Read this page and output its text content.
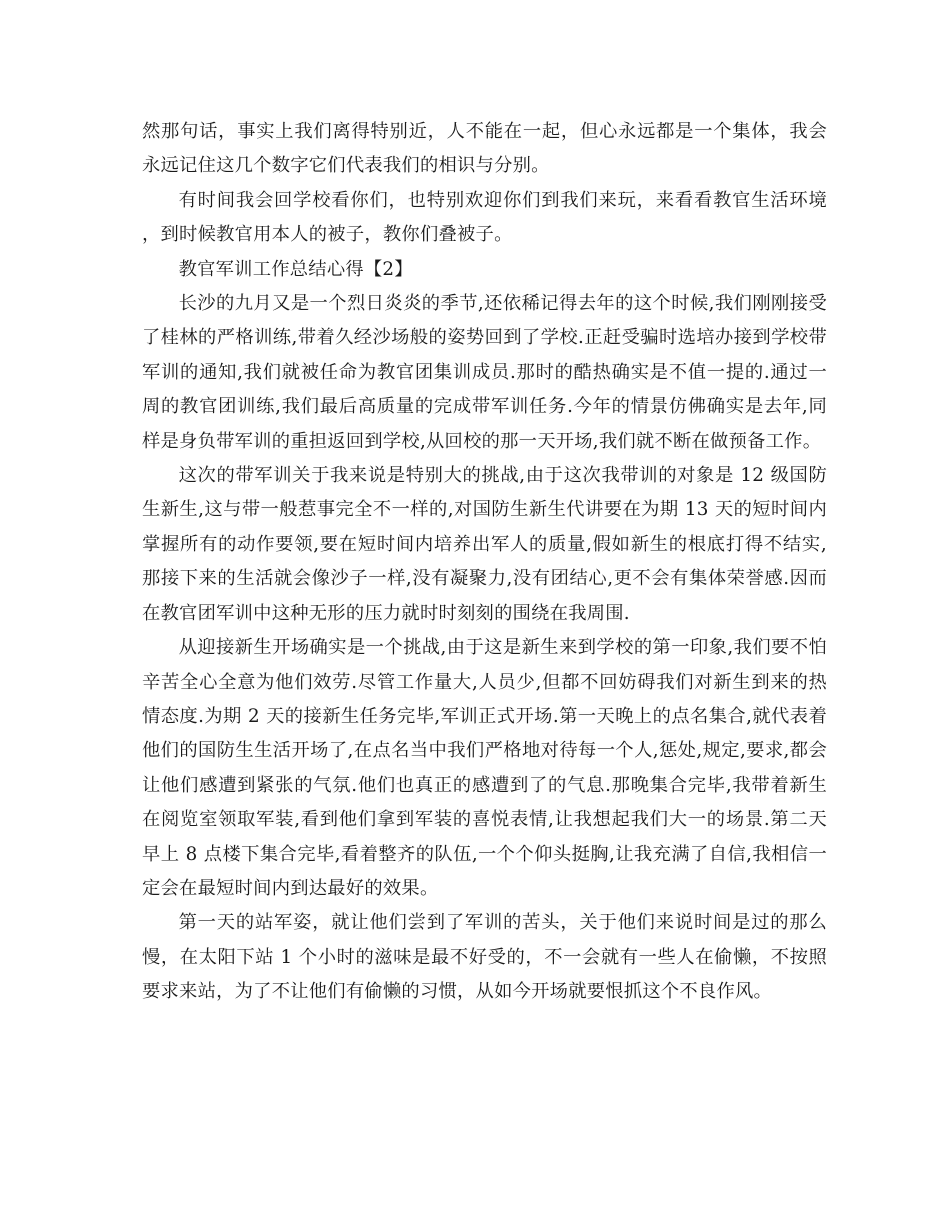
然那句话，事实上我们离得特别近，人不能在一起，但心永远都是一个集体，我会永远记住这几个数字它们代表我们的相识与分别。

有时间我会回学校看你们，也特别欢迎你们到我们来玩，来看看教官生活环境，到时候教官用本人的被子，教你们叠被子。

教官军训工作总结心得【2】

长沙的九月又是一个烈日炎炎的季节,还依稀记得去年的这个时候,我们刚刚接受了桂林的严格训练,带着久经沙场般的姿势回到了学校.正赶受骗时选培办接到学校带军训的通知,我们就被任命为教官团集训成员.那时的酷热确实是不值一提的.通过一周的教官团训练,我们最后高质量的完成带军训任务.今年的情景仿佛确实是去年,同样是身负带军训的重担返回到学校,从回校的那一天开场,我们就不断在做预备工作。

这次的带军训关于我来说是特别大的挑战,由于这次我带训的对象是 12 级国防生新生,这与带一般惹事完全不一样的,对国防生新生代讲要在为期 13 天的短时间内掌握所有的动作要领,要在短时间内培养出军人的质量,假如新生的根底打得不结实,那接下来的生活就会像沙子一样,没有凝聚力,没有团结心,更不会有集体荣誉感.因而在教官团军训中这种无形的压力就时时刻刻的围绕在我周围.

从迎接新生开场确实是一个挑战,由于这是新生来到学校的第一印象,我们要不怕辛苦全心全意为他们效劳.尽管工作量大,人员少,但都不回妨碍我们对新生到来的热情态度.为期 2 天的接新生任务完毕,军训正式开场.第一天晚上的点名集合,就代表着他们的国防生生活开场了,在点名当中我们严格地对待每一个人,惩处,规定,要求,都会让他们感遭到紧张的气氛.他们也真正的感遭到了的气息.那晚集合完毕,我带着新生在阅览室领取军装,看到他们拿到军装的喜悦表情,让我想起我们大一的场景.第二天早上 8 点楼下集合完毕,看着整齐的队伍,一个个仰头挺胸,让我充满了自信,我相信一定会在最短时间内到达最好的效果。

第一天的站军姿，就让他们尝到了军训的苦头，关于他们来说时间是过的那么慢，在太阳下站 1 个小时的滋味是最不好受的，不一会就有一些人在偷懒，不按照要求来站，为了不让他们有偷懒的习惯，从如今开场就要恨抓这个不良作风。
